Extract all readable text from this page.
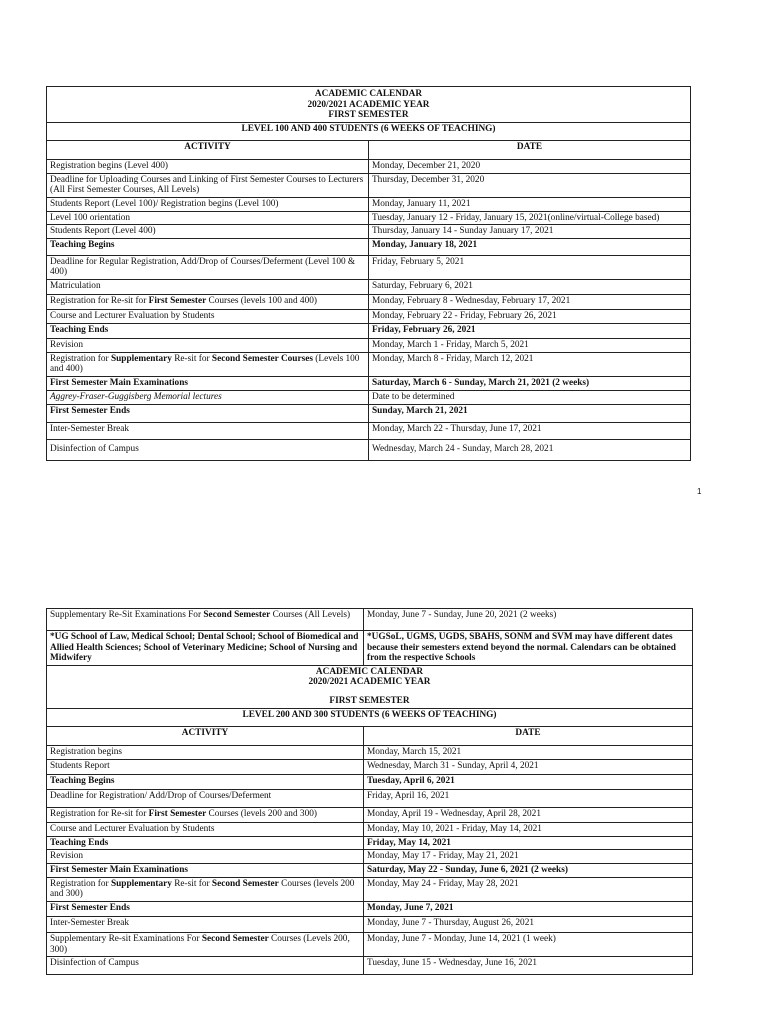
ACADEMIC CALENDAR
2020/2021 ACADEMIC YEAR
FIRST SEMESTER	

LEVEL 100 AND 400 STUDENTS (6 WEEKS OF TEACHING)	
ACTIVITY	DATE
Registration begins (Level 400)	Monday, December 21, 2020
Deadline for Uploading Courses and Linking of First Semester Courses to Lecturers (All First Semester Courses, All Levels)	Thursday, December 31, 2020
Students Report (Level 100)/ Registration begins (Level 100)	Monday, January 11, 2021
Level 100 orientation	Tuesday, January 12 - Friday, January 15, 2021(online/virtual-College based)
Students Report (Level 400)	Thursday, January 14 - Sunday January 17, 2021
Teaching Begins	Monday, January 18, 2021
Deadline for Regular Registration, Add/Drop of Courses/Deferment (Level 100 & 400)	Friday, February 5, 2021
Matriculation	Saturday, February 6, 2021
Registration for Re-sit for First Semester Courses (levels 100 and 400)	Monday, February 8 - Wednesday, February 17, 2021
Course and Lecturer Evaluation by Students	Monday, February 22 - Friday, February 26, 2021
Teaching Ends	Friday, February 26, 2021
Revision	Monday, March 1 - Friday, March 5, 2021
Registration for Supplementary Re-sit for Second Semester Courses (Levels 100 and 400)	Monday, March 8 - Friday, March 12, 2021
First Semester Main Examinations	Saturday, March 6 - Sunday, March 21, 2021 (2 weeks)
Aggrey-Fraser-Guggisberg Memorial lectures	Date to be determined
First Semester Ends	Sunday, March 21, 2021
Inter-Semester Break	Monday, March 22 - Thursday, June 17, 2021
Disinfection of Campus	Wednesday, March 24 - Sunday, March 28, 2021
1
Supplementary Re-Sit Examinations For Second Semester Courses (All Levels)	Monday, June 7 - Sunday, June 20, 2021 (2 weeks)
*UG School of Law, Medical School; Dental School; School of Biomedical and Allied Health Sciences; School of Veterinary Medicine; School of Nursing and Midwifery	*UGSoL, UGMS, UGDS, SBAHS, SONM and SVM may have different dates because their semesters extend beyond the normal. Calendars can be obtained from the respective Schools

ACADEMIC CALENDAR
2020/2021 ACADEMIC YEAR
FIRST SEMESTER	

LEVEL 200 AND 300 STUDENTS (6 WEEKS OF TEACHING)	
ACTIVITY	DATE
Registration begins	Monday, March 15, 2021
Students Report	Wednesday, March 31 - Sunday, April 4, 2021
Teaching Begins	Tuesday, April 6, 2021
Deadline for Registration/ Add/Drop of Courses/Deferment	Friday, April 16, 2021
Registration for Re-sit for First Semester Courses (levels 200 and 300)	Monday, April 19 - Wednesday, April 28, 2021
Course and Lecturer Evaluation by Students	Monday, May 10, 2021 - Friday, May 14, 2021
Teaching Ends	Friday, May 14, 2021
Revision	Monday, May 17 - Friday, May 21, 2021
First Semester Main Examinations	Saturday, May 22 - Sunday, June 6, 2021 (2 weeks)
Registration for Supplementary Re-sit for Second Semester Courses (levels 200 and 300)	Monday, May 24 - Friday, May 28, 2021
First Semester Ends	Monday, June 7, 2021
Inter-Semester Break	Monday, June 7 - Thursday, August 26, 2021
Supplementary Re-sit Examinations For Second Semester Courses (Levels 200, 300)	Monday, June 7 - Monday, June 14, 2021 (1 week)
Disinfection of Campus	Tuesday, June 15 - Wednesday, June 16, 2021
